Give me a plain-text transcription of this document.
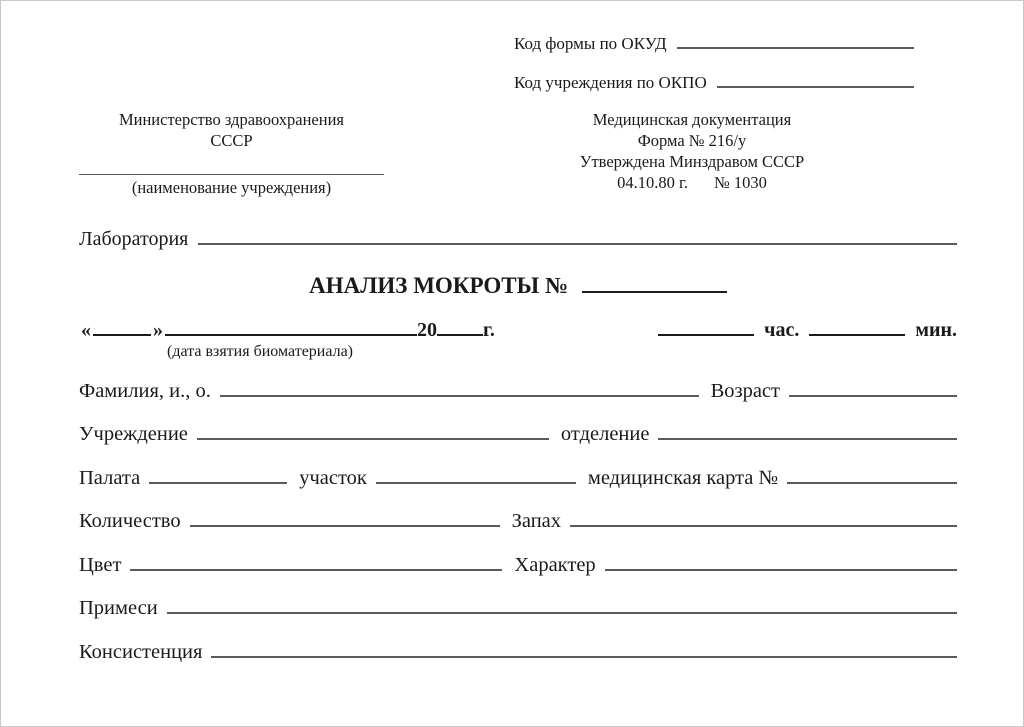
Код формы по ОКУД
Код учреждения по ОКПО
Министерство здравоохранения
СССР
(наименование учреждения)
Медицинская документация
Форма № 216/у
Утверждена Минздравом СССР
04.10.80 г. № 1030
Лаборатория
АНАЛИЗ МОКРОТЫ №
«	»	20 г.	час.	мин.
(дата взятия биоматериала)
Фамилия, и., о.	Возраст
Учреждение	отделение
Палата	участок	медицинская карта №
Количество	Запах
Цвет	Характер
Примеси
Консистенция
